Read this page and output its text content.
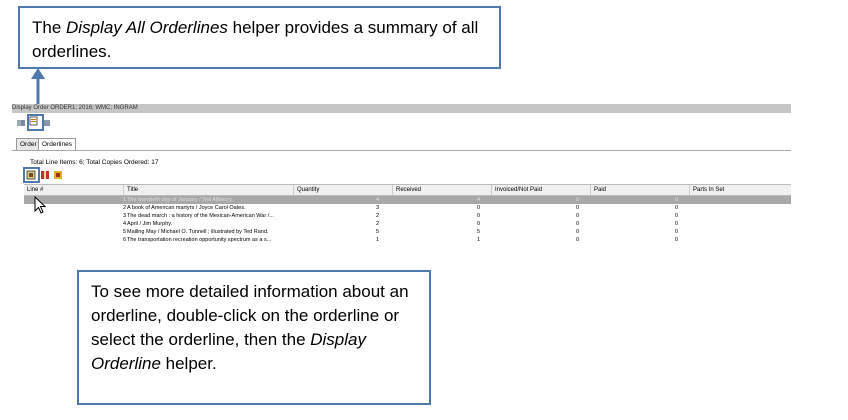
The Display All Orderlines helper provides a summary of all orderlines.
Display Order ORDER1; 2016; WMC; INGRAM
Order Orderlines
Total Line Items: 6; Total Copies Ordered: 17
Line #	Title	Quantity	Received	Invoiced/Not Paid	Paid	Parts In Set
1 The twentieth day of January / Ted Allbeury.	4	4	0	0
2 A book of American martyrs / Joyce Carol Oates.	3	0	0	0
3 The dead march : a history of the Mexican-American War /...	2	0	0	0
4 April / Jim Murphy.	2	0	0	0
5 Mailing May / Michael O. Tunnell ; illustrated by Ted Rand.	5	5	0	0
6 The transportation recreation opportunity spectrum as a s...	1	1	0	0
To see more detailed information about an orderline, double-click on the orderline or select the orderline, then the Display Orderline helper.
